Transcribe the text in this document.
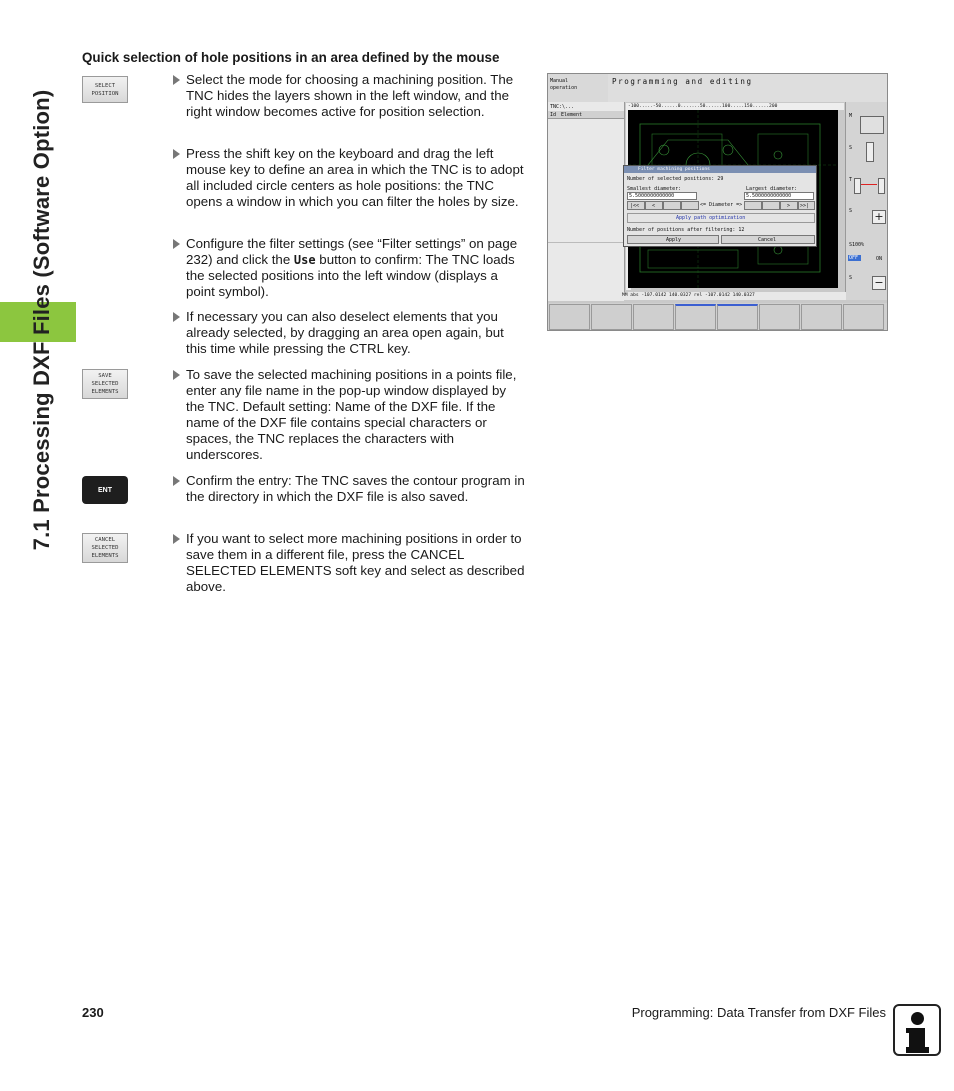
7.1 Processing DXF Files (Software Option)
Quick selection of hole positions in an area defined by the mouse
SELECT
POSITION
SAVE
SELECTED
ELEMENTS
ENT
CANCEL
SELECTED
ELEMENTS
Select the mode for choosing a machining position. The TNC hides the layers shown in the left window, and the right window becomes active for position selection.
Press the shift key on the keyboard and drag the left mouse key to define an area in which the TNC is to adopt all included circle centers as hole positions: the TNC opens a window in which you can filter the holes by size.
Configure the filter settings (see “Filter settings” on page 232) and click the Use button to confirm: The TNC loads the selected positions into the left window (displays a point symbol).
If necessary you can also deselect elements that you already selected, by dragging an area open again, but this time while pressing the CTRL key.
To save the selected machining positions in a points file, enter any file name in the pop-up window displayed by the TNC. Default setting: Name of the DXF file. If the name of the DXF file contains special characters or spaces, the TNC replaces the characters with underscores.
Confirm the entry: The TNC saves the contour program in the directory in which the DXF file is also saved.
If you want to select more machining positions in order to save them in a different file, press the CANCEL SELECTED ELEMENTS soft key and select as described above.
Manual
operation
Programming and editing
TNC:\...
Id Element
-100.....-50......0.......50......100.....150......200
Filter machining positions
Number of selected positions: 29
Smallest diameter:	Largest diameter:
5.5000000000000	5.5000000000000
|<<	<	<= Diameter =>	> >>|
Apply path optimization
Number of positions after filtering: 12
Apply	Cancel
M
S
T
S +
S100%
OFF	ON
S −
MM abs -107.0142 140.0327 rel -107.0142 140.0327
230	Programming: Data Transfer from DXF Files
